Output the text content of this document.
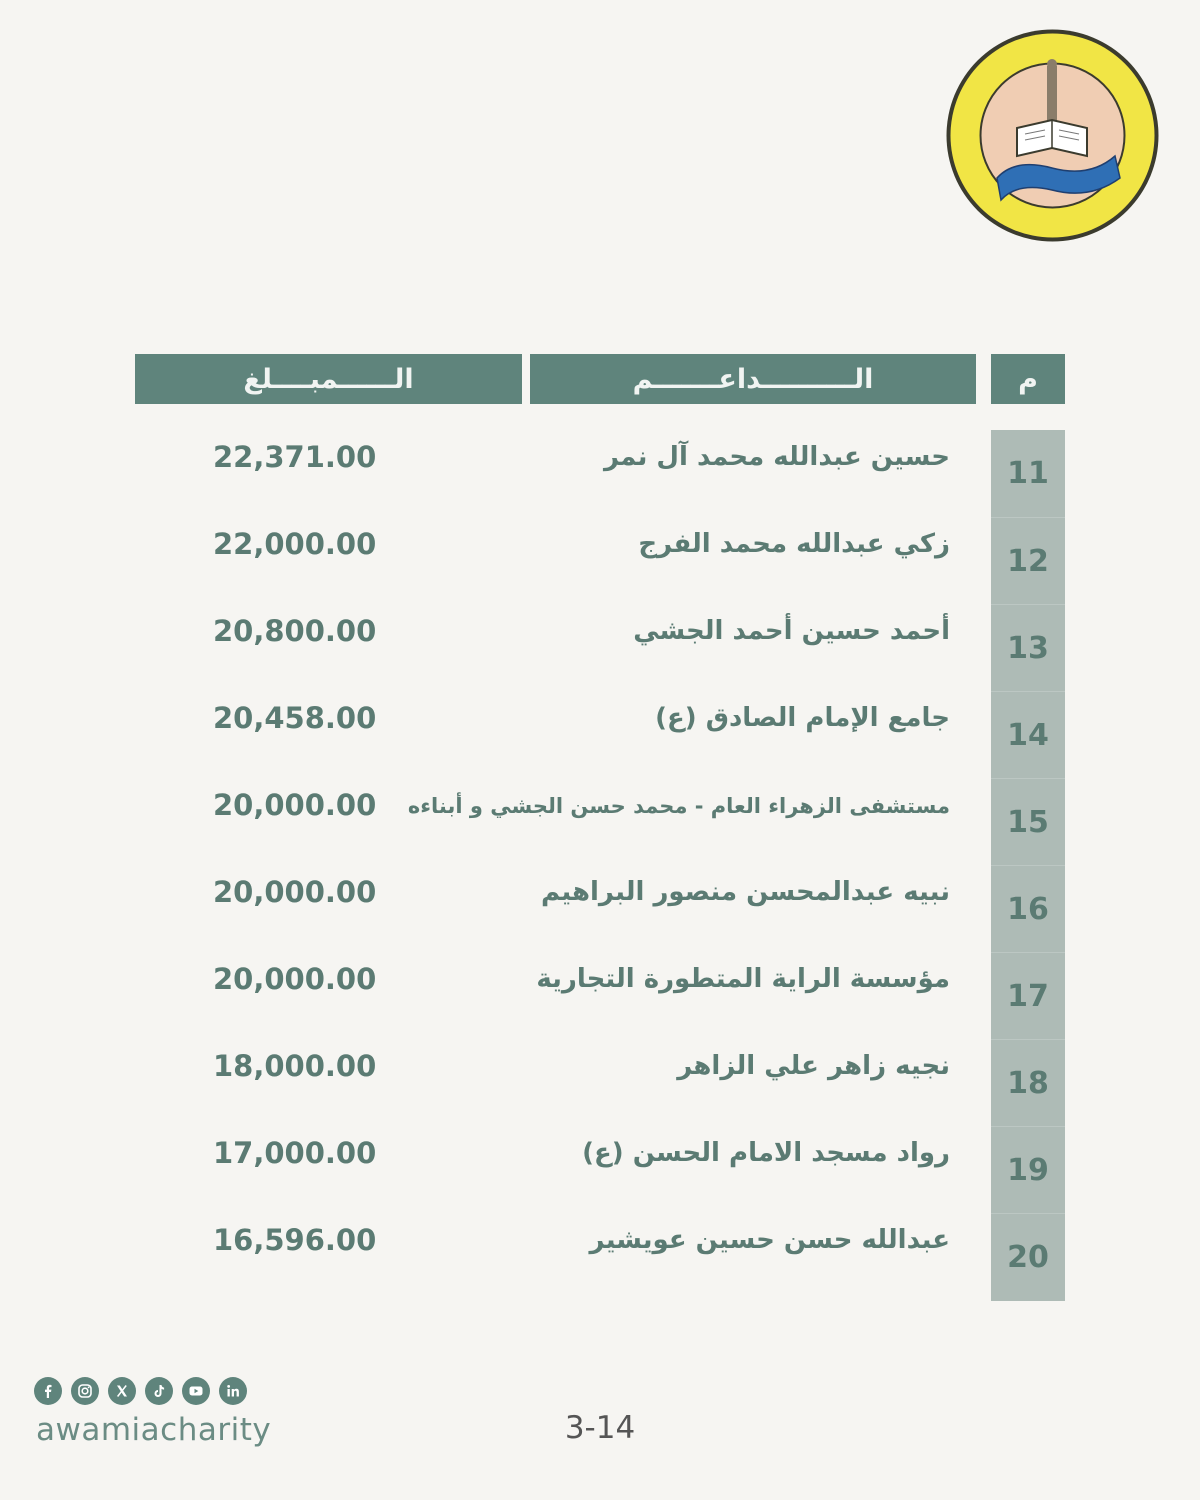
م
الــــــــــداعـــــــم
الــــــمبــــلغ
11
حسين عبدالله محمد آل نمر
22,371.00
12
زكي عبدالله محمد الفرج
22,000.00
13
أحمد حسين أحمد الجشي
20,800.00
14
جامع الإمام الصادق (ع)
20,458.00
15
مستشفى الزهراء العام - محمد حسن الجشي و أبناءه
20,000.00
16
نبيه عبدالمحسن منصور البراهيم
20,000.00
17
مؤسسة الراية المتطورة التجارية
20,000.00
18
نجيه زاهر علي الزاهر
18,000.00
19
رواد مسجد الامام الحسن (ع)
17,000.00
20
عبدالله حسن حسين عويشير
16,596.00
awamiacharity	3-14
